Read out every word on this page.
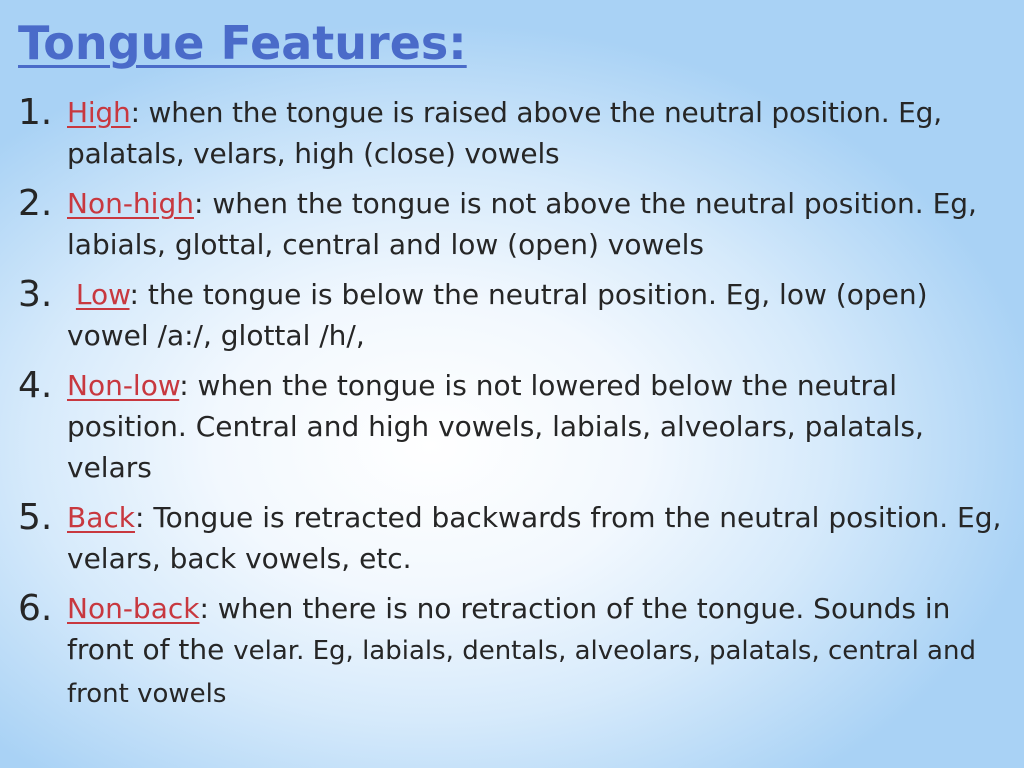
Tongue Features:
1. High: when the tongue is raised above the neutral position. Eg, palatals, velars, high (close) vowels
2. Non-high: when the tongue is not above the neutral position. Eg, labials, glottal, central and low (open) vowels
3. Low: the tongue is below the neutral position. Eg, low (open) vowel /a:/, glottal /h/,
4. Non-low: when the tongue is not lowered below the neutral position. Central and high vowels, labials, alveolars, palatals, velars
5. Back: Tongue is retracted backwards from the neutral position. Eg, velars, back vowels, etc.
6. Non-back: when there is no retraction of the tongue. Sounds in front of the velar. Eg, labials, dentals, alveolars, palatals, central and front vowels
